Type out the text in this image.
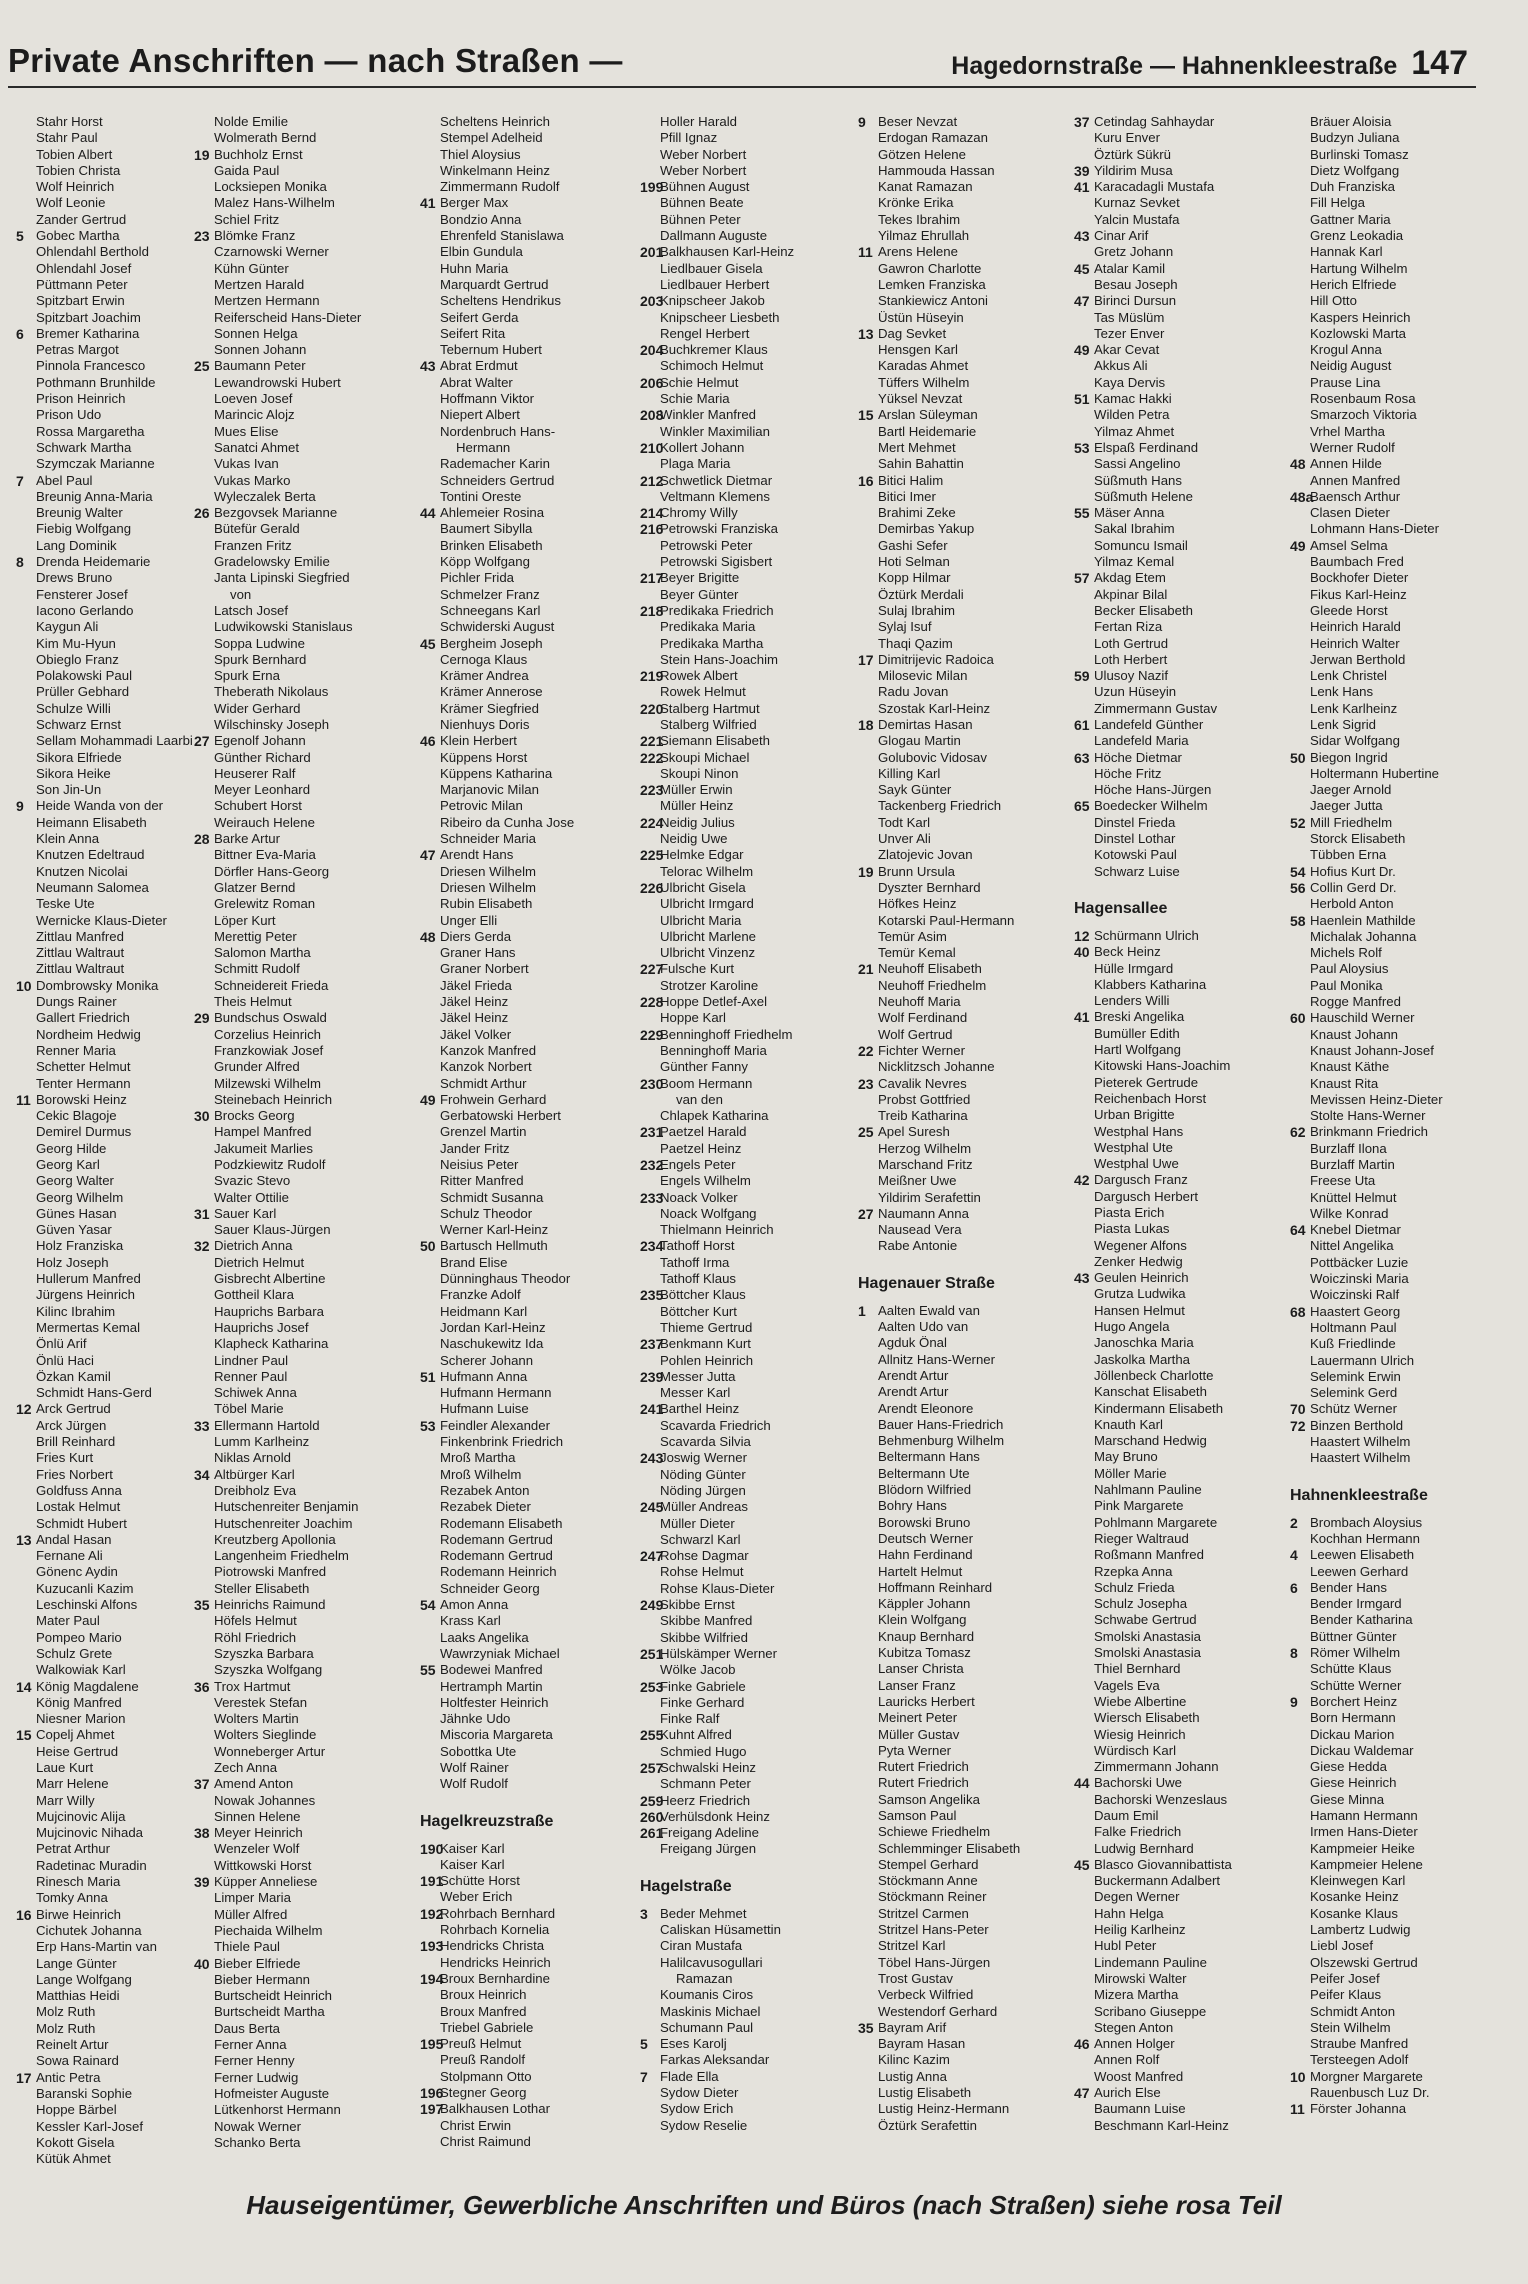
Private Anschriften — nach Straßen —	Hagedornstraße — Hahnenkleestraße 147
Stahr Horst
Stahr Paul
Tobien Albert
Tobien Christa
Wolf Heinrich
Wolf Leonie
Zander Gertrud
5 Gobec Martha
Ohlendahl Berthold
Ohlendahl Josef
Püttmann Peter
Spitzbart Erwin
Spitzbart Joachim
6 Bremer Katharina
Petras Margot
Pinnola Francesco
Pothmann Brunhilde
Prison Heinrich
Prison Udo
Rossa Margaretha
Schwark Martha
Szymczak Marianne
7 Abel Paul
Breunig Anna-Maria
Breunig Walter
Fiebig Wolfgang
Lang Dominik
8 Drenda Heidemarie
Drews Bruno
Fensterer Josef
Iacono Gerlando
Kaygun Ali
Kim Mu-Hyun
Obieglo Franz
Polakowski Paul
Prüller Gebhard
Schulze Willi
Schwarz Ernst
Sellam Mohammadi Laarbi
Sikora Elfriede
Sikora Heike
Son Jin-Un
9 Heide Wanda von der
Heimann Elisabeth
Klein Anna
Knutzen Edeltraud
Knutzen Nicolai
Neumann Salomea
Teske Ute
Wernicke Klaus-Dieter
Zittlau Manfred
Zittlau Waltraut
Zittlau Waltraut
10 Dombrowsky Monika
Dungs Rainer
Gallert Friedrich
Nordheim Hedwig
Renner Maria
Schetter Helmut
Tenter Hermann
11 Borowski Heinz
Cekic Blagoje
Demirel Durmus
Georg Hilde
Georg Karl
Georg Walter
Georg Wilhelm
Günes Hasan
Güven Yasar
Holz Franziska
Holz Joseph
Hullerum Manfred
Jürgens Heinrich
Kilinc Ibrahim
Mermertas Kemal
Önlü Arif
Önlü Haci
Özkan Kamil
Schmidt Hans-Gerd
12 Arck Gertrud
Arck Jürgen
Brill Reinhard
Fries Kurt
Fries Norbert
Goldfuss Anna
Lostak Helmut
Schmidt Hubert
13 Andal Hasan
Fernane Ali
Gönenc Aydin
Kuzucanli Kazim
Leschinski Alfons
Mater Paul
Pompeo Mario
Schulz Grete
Walkowiak Karl
14 König Magdalene
König Manfred
Niesner Marion
15 Copelj Ahmet
Heise Gertrud
Laue Kurt
Marr Helene
Marr Willy
Mujcinovic Alija
Mujcinovic Nihada
Petrat Arthur
Radetinac Muradin
Rinesch Maria
Tomky Anna
16 Birwe Heinrich
Cichutek Johanna
Erp Hans-Martin van
Lange Günter
Lange Wolfgang
Matthias Heidi
Molz Ruth
Molz Ruth
Reinelt Artur
Sowa Rainard
17 Antic Petra
Baranski Sophie
Hoppe Bärbel
Kessler Karl-Josef
Kokott Gisela
Kütük Ahmet
Nolde Emilie
Wolmerath Bernd
19 Buchholz Ernst
Gaida Paul
Locksiepen Monika
Malez Hans-Wilhelm
Schiel Fritz
23 Blömke Franz
Czarnowski Werner
Kühn Günter
Mertzen Harald
Mertzen Hermann
Reiferscheid Hans-Dieter
Sonnen Helga
Sonnen Johann
25 Baumann Peter
Lewandrowski Hubert
Loeven Josef
Marincic Alojz
Mues Elise
Sanatci Ahmet
Vukas Ivan
Vukas Marko
Wyleczalek Berta
26 Bezgovsek Marianne
Bütefür Gerald
Franzen Fritz
Gradelowsky Emilie
Janta Lipinski Siegfried
von
Latsch Josef
Ludwikowski Stanislaus
Soppa Ludwine
Spurk Bernhard
Spurk Erna
Theberath Nikolaus
Wider Gerhard
Wilschinsky Joseph
27 Egenolf Johann
Günther Richard
Heuserer Ralf
Meyer Leonhard
Schubert Horst
Weirauch Helene
28 Barke Artur
Bittner Eva-Maria
Dörfler Hans-Georg
Glatzer Bernd
Grelewitz Roman
Löper Kurt
Merettig Peter
Salomon Martha
Schmitt Rudolf
Schneidereit Frieda
Theis Helmut
29 Bundschus Oswald
Corzelius Heinrich
Franzkowiak Josef
Grunder Alfred
Milzewski Wilhelm
Steinebach Heinrich
30 Brocks Georg
Hampel Manfred
Jakumeit Marlies
Podzkiewitz Rudolf
Svazic Stevo
Walter Ottilie
31 Sauer Karl
Sauer Klaus-Jürgen
32 Dietrich Anna
Dietrich Helmut
Gisbrecht Albertine
Gottheil Klara
Hauprichs Barbara
Hauprichs Josef
Klapheck Katharina
Lindner Paul
Renner Paul
Schiwek Anna
Töbel Marie
33 Ellermann Hartold
Lumm Karlheinz
Niklas Arnold
34 Altbürger Karl
Dreibholz Eva
Hutschenreiter Benjamin
Hutschenreiter Joachim
Kreutzberg Apollonia
Langenheim Friedhelm
Piotrowski Manfred
Steller Elisabeth
35 Heinrichs Raimund
Höfels Helmut
Röhl Friedrich
Szyszka Barbara
Szyszka Wolfgang
36 Trox Hartmut
Verestek Stefan
Wolters Martin
Wolters Sieglinde
Wonneberger Artur
Zech Anna
37 Amend Anton
Nowak Johannes
Sinnen Helene
38 Meyer Heinrich
Wenzeler Wolf
Wittkowski Horst
39 Küpper Anneliese
Limper Maria
Müller Alfred
Piechaida Wilhelm
Thiele Paul
40 Bieber Elfriede
Bieber Hermann
Burtscheidt Heinrich
Burtscheidt Martha
Daus Berta
Ferner Anna
Ferner Henny
Ferner Ludwig
Hofmeister Auguste
Lütkenhorst Hermann
Nowak Werner
Schanko Berta
Scheltens Heinrich
Stempel Adelheid
Thiel Aloysius
Winkelmann Heinz
Zimmermann Rudolf
41 Berger Max
Bondzio Anna
Ehrenfeld Stanislawa
Elbin Gundula
Huhn Maria
Marquardt Gertrud
Scheltens Hendrikus
Seifert Gerda
Seifert Rita
Tebernum Hubert
43 Abrat Erdmut
Abrat Walter
Hoffmann Viktor
Niepert Albert
Nordenbruch Hans-
Hermann
Rademacher Karin
Schneiders Gertrud
Tontini Oreste
44 Ahlemeier Rosina
Baumert Sibylla
Brinken Elisabeth
Köpp Wolfgang
Pichler Frida
Schmelzer Franz
Schneegans Karl
Schwiderski August
45 Bergheim Joseph
Cernoga Klaus
Krämer Andrea
Krämer Annerose
Krämer Siegfried
Nienhuys Doris
46 Klein Herbert
Küppens Horst
Küppens Katharina
Marjanovic Milan
Petrovic Milan
Ribeiro da Cunha Jose
Schneider Maria
47 Arendt Hans
Driesen Wilhelm
Driesen Wilhelm
Rubin Elisabeth
Unger Elli
48 Diers Gerda
Graner Hans
Graner Norbert
Jäkel Frieda
Jäkel Heinz
Jäkel Heinz
Jäkel Volker
Kanzok Manfred
Kanzok Norbert
Schmidt Arthur
49 Frohwein Gerhard
Gerbatowski Herbert
Grenzel Martin
Jander Fritz
Neisius Peter
Ritter Manfred
Schmidt Susanna
Schulz Theodor
Werner Karl-Heinz
50 Bartusch Hellmuth
Brand Elise
Dünninghaus Theodor
Franzke Adolf
Heidmann Karl
Jordan Karl-Heinz
Naschukewitz Ida
Scherer Johann
51 Hufmann Anna
Hufmann Hermann
Hufmann Luise
53 Feindler Alexander
Finkenbrink Friedrich
Mroß Martha
Mroß Wilhelm
Rezabek Anton
Rezabek Dieter
Rodemann Elisabeth
Rodemann Gertrud
Rodemann Gertrud
Rodemann Heinrich
Schneider Georg
54 Amon Anna
Krass Karl
Laaks Angelika
Wawrzyniak Michael
55 Bodewei Manfred
Hertramph Martin
Holtfester Heinrich
Jähnke Udo
Miscoria Margareta
Sobottka Ute
Wolf Rainer
Wolf Rudolf
Hagelkreuzstraße
190
Kaiser Karl
Kaiser Karl
191
Schütte Horst
Weber Erich
192
Rohrbach Bernhard
Rohrbach Kornelia
193
Hendricks Christa
Hendricks Heinrich
194
Broux Bernhardine
Broux Heinrich
Broux Manfred
Triebel Gabriele
195
Preuß Helmut
Preuß Randolf
Stolpmann Otto
196
Stegner Georg
197
Balkhausen Lothar
Christ Erwin
Christ Raimund
Holler Harald
Pfill Ignaz
Weber Norbert
Weber Norbert
199
Bühnen August
Bühnen Beate
Bühnen Peter
Dallmann Auguste
201
Balkhausen Karl-Heinz
Liedlbauer Gisela
Liedlbauer Herbert
203
Knipscheer Jakob
Knipscheer Liesbeth
Rengel Herbert
204
Buchkremer Klaus
Schimoch Helmut
206
Schie Helmut
Schie Maria
208
Winkler Manfred
Winkler Maximilian
210
Kollert Johann
Plaga Maria
212
Schwetlick Dietmar
Veltmann Klemens
214
Chromy Willy
216
Petrowski Franziska
Petrowski Peter
Petrowski Sigisbert
217
Beyer Brigitte
Beyer Günter
218
Predikaka Friedrich
Predikaka Maria
Predikaka Martha
Stein Hans-Joachim
219
Rowek Albert
Rowek Helmut
220
Stalberg Hartmut
Stalberg Wilfried
221
Siemann Elisabeth
222
Skoupi Michael
Skoupi Ninon
223
Müller Erwin
Müller Heinz
224
Neidig Julius
Neidig Uwe
225
Helmke Edgar
Telorac Wilhelm
226
Ulbricht Gisela
Ulbricht Irmgard
Ulbricht Maria
Ulbricht Marlene
Ulbricht Vinzenz
227
Fulsche Kurt
Strotzer Karoline
228
Hoppe Detlef-Axel
Hoppe Karl
229
Benninghoff Friedhelm
Benninghoff Maria
Günther Fanny
230
Boom Hermann
van den
Chlapek Katharina
231
Paetzel Harald
Paetzel Heinz
232
Engels Peter
Engels Wilhelm
233
Noack Volker
Noack Wolfgang
Thielmann Heinrich
234
Tathoff Horst
Tathoff Irma
Tathoff Klaus
235
Böttcher Klaus
Böttcher Kurt
Thieme Gertrud
237
Benkmann Kurt
Pohlen Heinrich
239
Messer Jutta
Messer Karl
241
Barthel Heinz
Scavarda Friedrich
Scavarda Silvia
243
Joswig Werner
Nöding Günter
Nöding Jürgen
245
Müller Andreas
Müller Dieter
Schwarzl Karl
247
Rohse Dagmar
Rohse Helmut
Rohse Klaus-Dieter
249
Skibbe Ernst
Skibbe Manfred
Skibbe Wilfried
251
Hülskämper Werner
Wölke Jacob
253
Finke Gabriele
Finke Gerhard
Finke Ralf
255
Kuhnt Alfred
Schmied Hugo
257
Schwalski Heinz
Schmann Peter
259
Heerz Friedrich
260
Verhülsdonk Heinz
261
Freigang Adeline
Freigang Jürgen
Hagelstraße
3 Beder Mehmet
Caliskan Hüsamettin
Ciran Mustafa
Halilcavusogullari
Ramazan
Koumanis Ciros
Maskinis Michael
Schumann Paul
5 Eses Karolj
Farkas Aleksandar
7 Flade Ella
Sydow Dieter
Sydow Erich
Sydow Reselie
9 Beser Nevzat
Erdogan Ramazan
Götzen Helene
Hammouda Hassan
Kanat Ramazan
Krönke Erika
Tekes Ibrahim
Yilmaz Ehrullah
11 Arens Helene
Gawron Charlotte
Lemken Franziska
Stankiewicz Antoni
Üstün Hüseyin
13 Dag Sevket
Hensgen Karl
Karadas Ahmet
Tüffers Wilhelm
Yüksel Nevzat
15 Arslan Süleyman
Bartl Heidemarie
Mert Mehmet
Sahin Bahattin
16 Bitici Halim
Bitici Imer
Brahimi Zeke
Demirbas Yakup
Gashi Sefer
Hoti Selman
Kopp Hilmar
Öztürk Merdali
Sulaj Ibrahim
Sylaj Isuf
Thaqi Qazim
17 Dimitrijevic Radoica
Milosevic Milan
Radu Jovan
Szostak Karl-Heinz
18 Demirtas Hasan
Glogau Martin
Golubovic Vidosav
Killing Karl
Sayk Günter
Tackenberg Friedrich
Todt Karl
Unver Ali
Zlatojevic Jovan
19 Brunn Ursula
Dyszter Bernhard
Höfkes Heinz
Kotarski Paul-Hermann
Temür Asim
Temür Kemal
21 Neuhoff Elisabeth
Neuhoff Friedhelm
Neuhoff Maria
Wolf Ferdinand
Wolf Gertrud
22 Fichter Werner
Nicklitzsch Johanne
23 Cavalik Nevres
Probst Gottfried
Treib Katharina
25 Apel Suresh
Herzog Wilhelm
Marschand Fritz
Meißner Uwe
Yildirim Serafettin
27 Naumann Anna
Nausead Vera
Rabe Antonie
Hagenauer Straße
1 Aalten Ewald van
Aalten Udo van
Agduk Önal
Allnitz Hans-Werner
Arendt Artur
Arendt Artur
Arendt Eleonore
Bauer Hans-Friedrich
Behmenburg Wilhelm
Beltermann Hans
Beltermann Ute
Blödorn Wilfried
Bohry Hans
Borowski Bruno
Deutsch Werner
Hahn Ferdinand
Hartelt Helmut
Hoffmann Reinhard
Käppler Johann
Klein Wolfgang
Knaup Bernhard
Kubitza Tomasz
Lanser Christa
Lanser Franz
Lauricks Herbert
Meinert Peter
Müller Gustav
Pyta Werner
Rutert Friedrich
Rutert Friedrich
Samson Angelika
Samson Paul
Schiewe Friedhelm
Schlemminger Elisabeth
Stempel Gerhard
Stöckmann Anne
Stöckmann Reiner
Stritzel Carmen
Stritzel Hans-Peter
Stritzel Karl
Töbel Hans-Jürgen
Trost Gustav
Verbeck Wilfried
Westendorf Gerhard
35 Bayram Arif
Bayram Hasan
Kilinc Kazim
Lustig Anna
Lustig Elisabeth
Lustig Heinz-Hermann
Öztürk Serafettin
37 Cetindag Sahhaydar
Kuru Enver
Öztürk Sükrü
39 Yildirim Musa
41 Karacadagli Mustafa
Kurnaz Sevket
Yalcin Mustafa
43 Cinar Arif
Gretz Johann
45 Atalar Kamil
Besau Joseph
47 Birinci Dursun
Tas Müslüm
Tezer Enver
49 Akar Cevat
Akkus Ali
Kaya Dervis
51 Kamac Hakki
Wilden Petra
Yilmaz Ahmet
53 Elspaß Ferdinand
Sassi Angelino
Süßmuth Hans
Süßmuth Helene
55 Mäser Anna
Sakal Ibrahim
Somuncu Ismail
Yilmaz Kemal
57 Akdag Etem
Akpinar Bilal
Becker Elisabeth
Fertan Riza
Loth Gertrud
Loth Herbert
59 Ulusoy Nazif
Uzun Hüseyin
Zimmermann Gustav
61 Landefeld Günther
Landefeld Maria
63 Höche Dietmar
Höche Fritz
Höche Hans-Jürgen
65 Boedecker Wilhelm
Dinstel Frieda
Dinstel Lothar
Kotowski Paul
Schwarz Luise
Hagensallee
12 Schürmann Ulrich
40 Beck Heinz
Hülle Irmgard
Klabbers Katharina
Lenders Willi
41 Breski Angelika
Bumüller Edith
Hartl Wolfgang
Kitowski Hans-Joachim
Pieterek Gertrude
Reichenbach Horst
Urban Brigitte
Westphal Hans
Westphal Ute
Westphal Uwe
42 Dargusch Franz
Dargusch Herbert
Piasta Erich
Piasta Lukas
Wegener Alfons
Zenker Hedwig
43 Geulen Heinrich
Grutza Ludwika
Hansen Helmut
Hugo Angela
Janoschka Maria
Jaskolka Martha
Jöllenbeck Charlotte
Kanschat Elisabeth
Kindermann Elisabeth
Knauth Karl
Marschand Hedwig
May Bruno
Möller Marie
Nahlmann Pauline
Pink Margarete
Pohlmann Margarete
Rieger Waltraud
Roßmann Manfred
Rzepka Anna
Schulz Frieda
Schulz Josepha
Schwabe Gertrud
Smolski Anastasia
Smolski Anastasia
Thiel Bernhard
Vagels Eva
Wiebe Albertine
Wiersch Elisabeth
Wiesig Heinrich
Würdisch Karl
Zimmermann Johann
44 Bachorski Uwe
Bachorski Wenzeslaus
Daum Emil
Falke Friedrich
Ludwig Bernhard
45 Blasco Giovannibattista
Buckermann Adalbert
Degen Werner
Hahn Helga
Heilig Karlheinz
Hubl Peter
Lindemann Pauline
Mirowski Walter
Mizera Martha
Scribano Giuseppe
Stegen Anton
46 Annen Holger
Annen Rolf
Woost Manfred
47 Aurich Else
Baumann Luise
Beschmann Karl-Heinz
Bräuer Aloisia
Budzyn Juliana
Burlinski Tomasz
Dietz Wolfgang
Duh Franziska
Fill Helga
Gattner Maria
Grenz Leokadia
Hannak Karl
Hartung Wilhelm
Herich Elfriede
Hill Otto
Kaspers Heinrich
Kozlowski Marta
Krogul Anna
Neidig August
Prause Lina
Rosenbaum Rosa
Smarzoch Viktoria
Vrhel Martha
Werner Rudolf
48 Annen Hilde
Annen Manfred
48a
Baensch Arthur
Clasen Dieter
Lohmann Hans-Dieter
49 Amsel Selma
Baumbach Fred
Bockhofer Dieter
Fikus Karl-Heinz
Gleede Horst
Heinrich Harald
Heinrich Walter
Jerwan Berthold
Lenk Christel
Lenk Hans
Lenk Karlheinz
Lenk Sigrid
Sidar Wolfgang
50 Biegon Ingrid
Holtermann Hubertine
Jaeger Arnold
Jaeger Jutta
52 Mill Friedhelm
Storck Elisabeth
Tübben Erna
54 Hofius Kurt Dr.
56 Collin Gerd Dr.
Herbold Anton
58 Haenlein Mathilde
Michalak Johanna
Michels Rolf
Paul Aloysius
Paul Monika
Rogge Manfred
60 Hauschild Werner
Knaust Johann
Knaust Johann-Josef
Knaust Käthe
Knaust Rita
Mevissen Heinz-Dieter
Stolte Hans-Werner
62 Brinkmann Friedrich
Burzlaff Ilona
Burzlaff Martin
Freese Uta
Knüttel Helmut
Wilke Konrad
64 Knebel Dietmar
Nittel Angelika
Pottbäcker Luzie
Woiczinski Maria
Woiczinski Ralf
68 Haastert Georg
Holtmann Paul
Kuß Friedlinde
Lauermann Ulrich
Selemink Erwin
Selemink Gerd
70 Schütz Werner
72 Binzen Berthold
Haastert Wilhelm
Haastert Wilhelm
Hahnenkleestraße
2 Brombach Aloysius
Kochhan Hermann
4 Leewen Elisabeth
Leewen Gerhard
6 Bender Hans
Bender Irmgard
Bender Katharina
Büttner Günter
8 Römer Wilhelm
Schütte Klaus
Schütte Werner
9 Borchert Heinz
Born Hermann
Dickau Marion
Dickau Waldemar
Giese Hedda
Giese Heinrich
Giese Minna
Hamann Hermann
Irmen Hans-Dieter
Kampmeier Heike
Kampmeier Helene
Kleinwegen Karl
Kosanke Heinz
Kosanke Klaus
Lambertz Ludwig
Liebl Josef
Olszewski Gertrud
Peifer Josef
Peifer Klaus
Schmidt Anton
Stein Wilhelm
Straube Manfred
Tersteegen Adolf
10 Morgner Margarete
Rauenbusch Luz Dr.
11 Förster Johanna
Hauseigentümer, Gewerbliche Anschriften und Büros (nach Straßen) siehe rosa Teil
